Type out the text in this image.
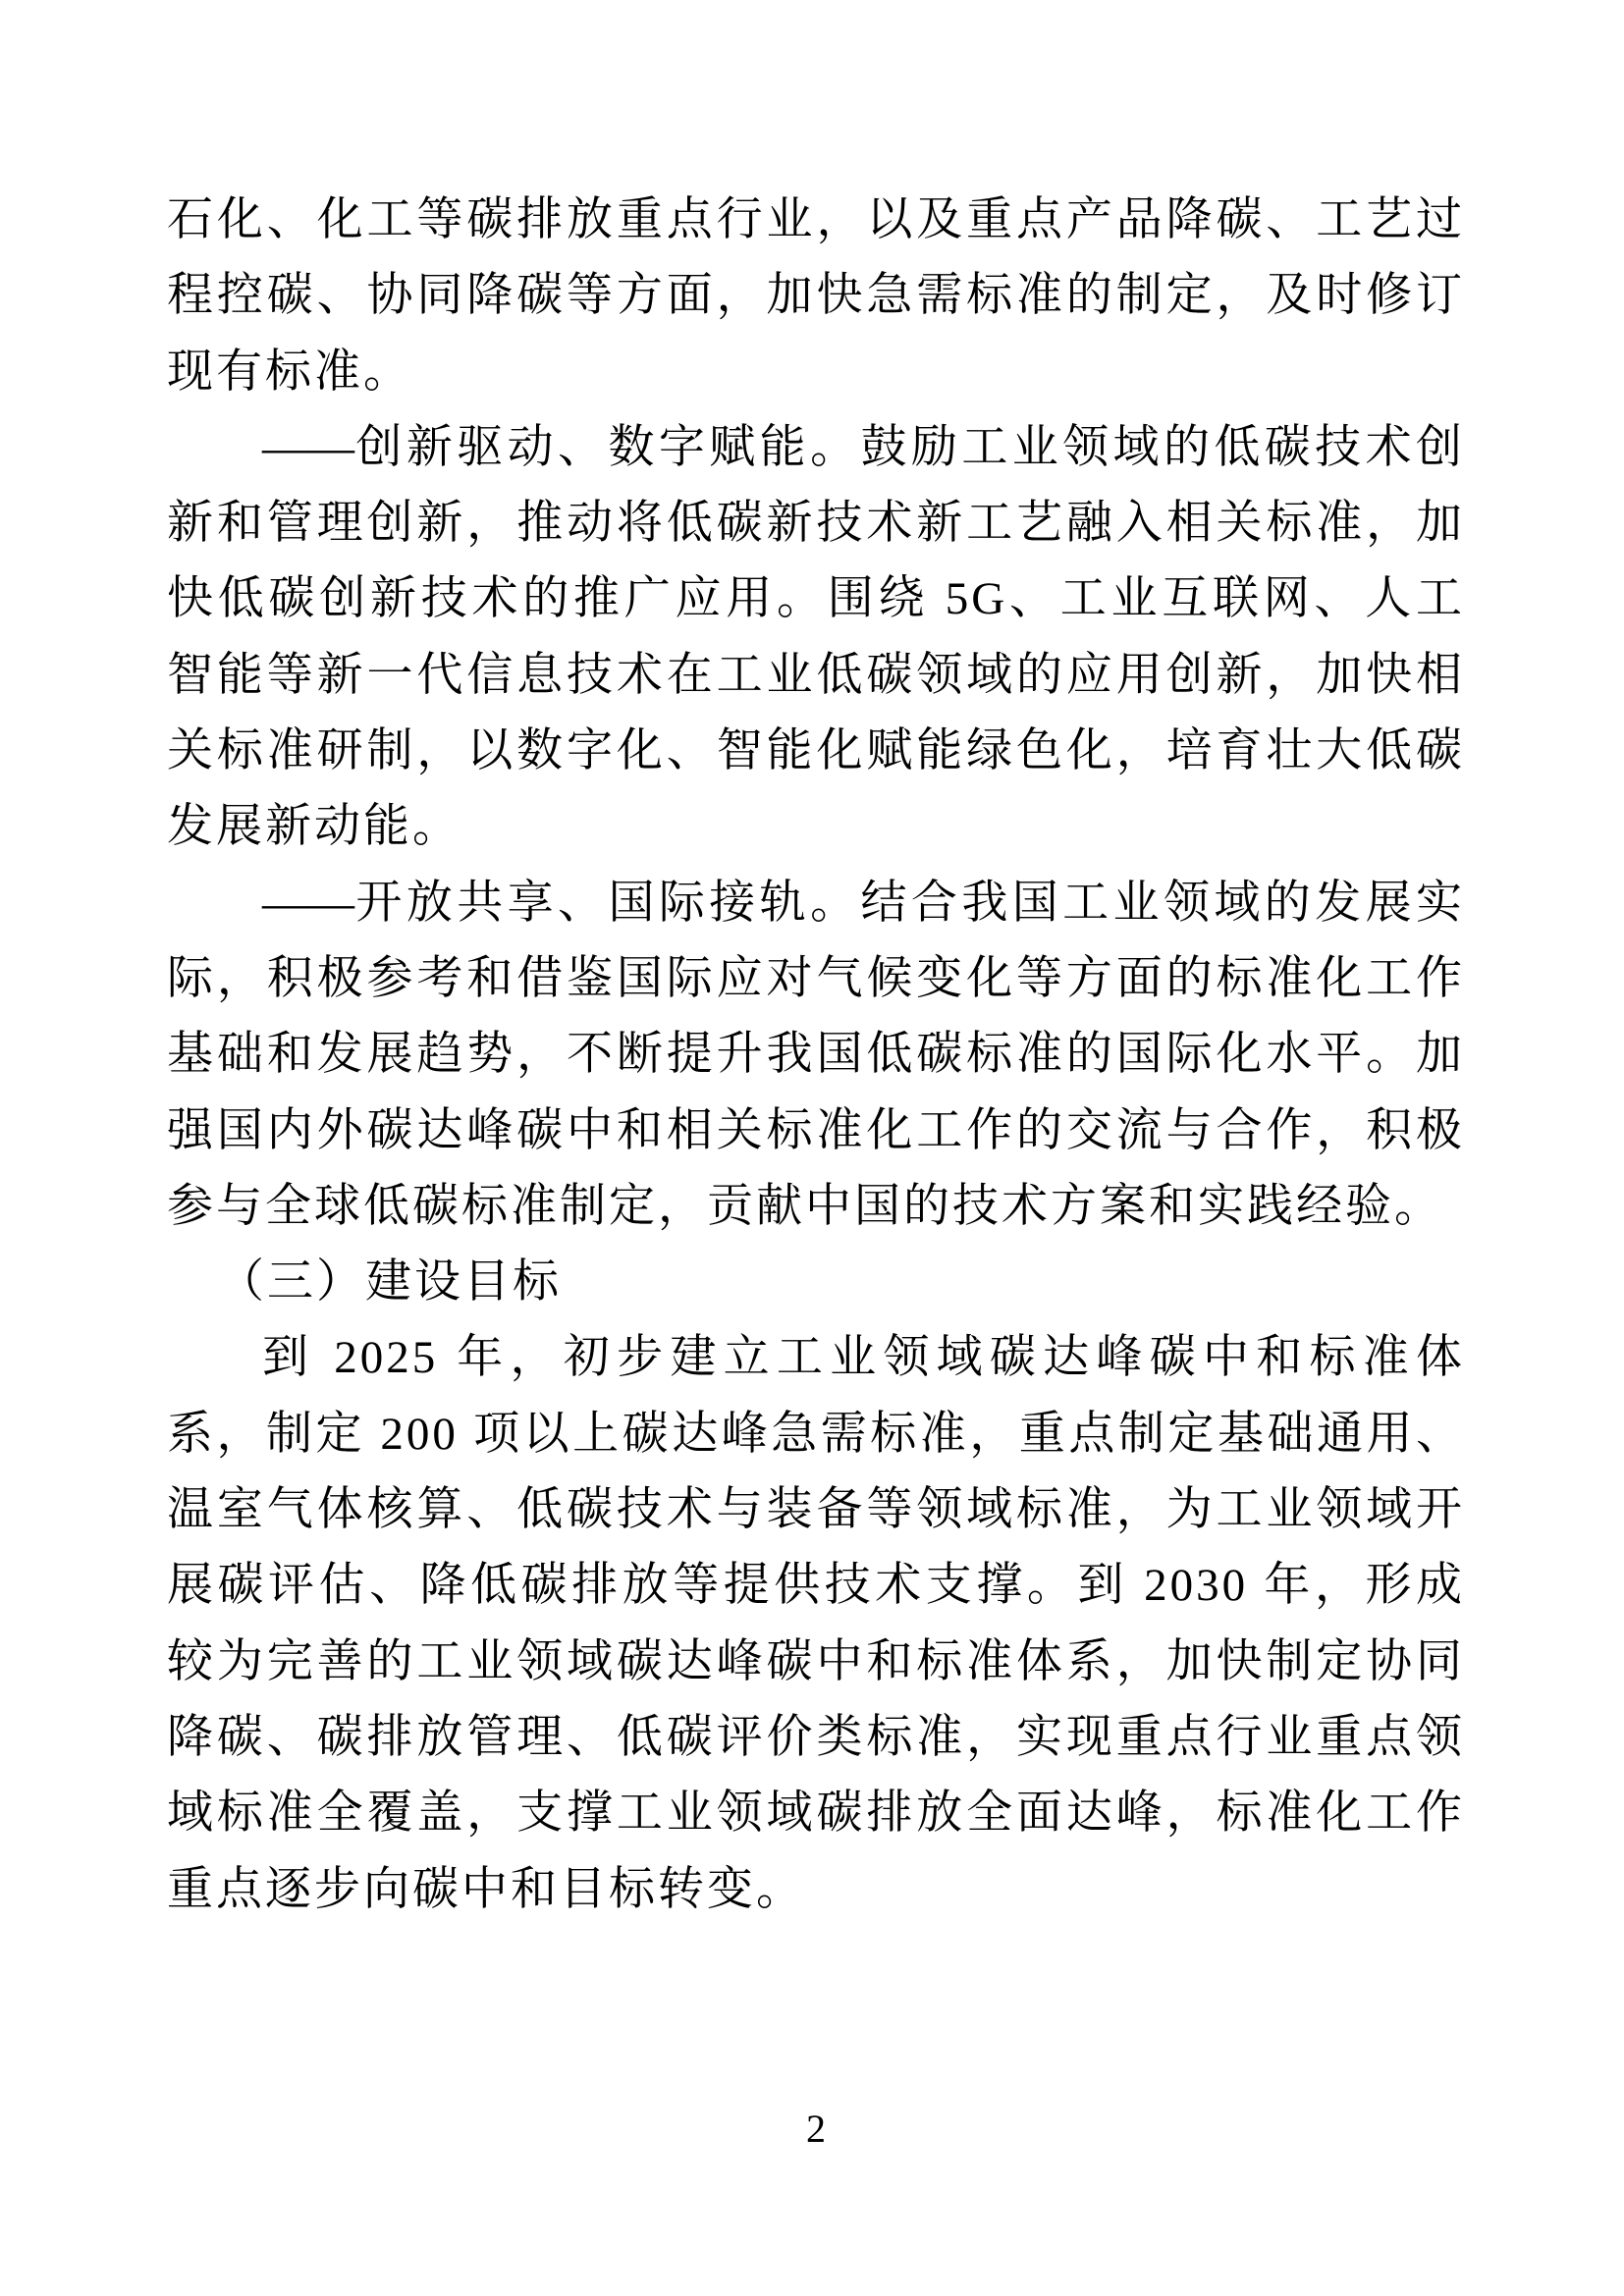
石化、化工等碳排放重点行业，以及重点产品降碳、工艺过程控碳、协同降碳等方面，加快急需标准的制定，及时修订现有标准。

——创新驱动、数字赋能。鼓励工业领域的低碳技术创新和管理创新，推动将低碳新技术新工艺融入相关标准，加快低碳创新技术的推广应用。围绕 5G、工业互联网、人工智能等新一代信息技术在工业低碳领域的应用创新，加快相关标准研制，以数字化、智能化赋能绿色化，培育壮大低碳发展新动能。

——开放共享、国际接轨。结合我国工业领域的发展实际，积极参考和借鉴国际应对气候变化等方面的标准化工作基础和发展趋势，不断提升我国低碳标准的国际化水平。加强国内外碳达峰碳中和相关标准化工作的交流与合作，积极参与全球低碳标准制定，贡献中国的技术方案和实践经验。

（三）建设目标

到 2025 年，初步建立工业领域碳达峰碳中和标准体系，制定 200 项以上碳达峰急需标准，重点制定基础通用、温室气体核算、低碳技术与装备等领域标准，为工业领域开展碳评估、降低碳排放等提供技术支撑。到 2030 年，形成较为完善的工业领域碳达峰碳中和标准体系，加快制定协同降碳、碳排放管理、低碳评价类标准，实现重点行业重点领域标准全覆盖，支撑工业领域碳排放全面达峰，标准化工作重点逐步向碳中和目标转变。

2
